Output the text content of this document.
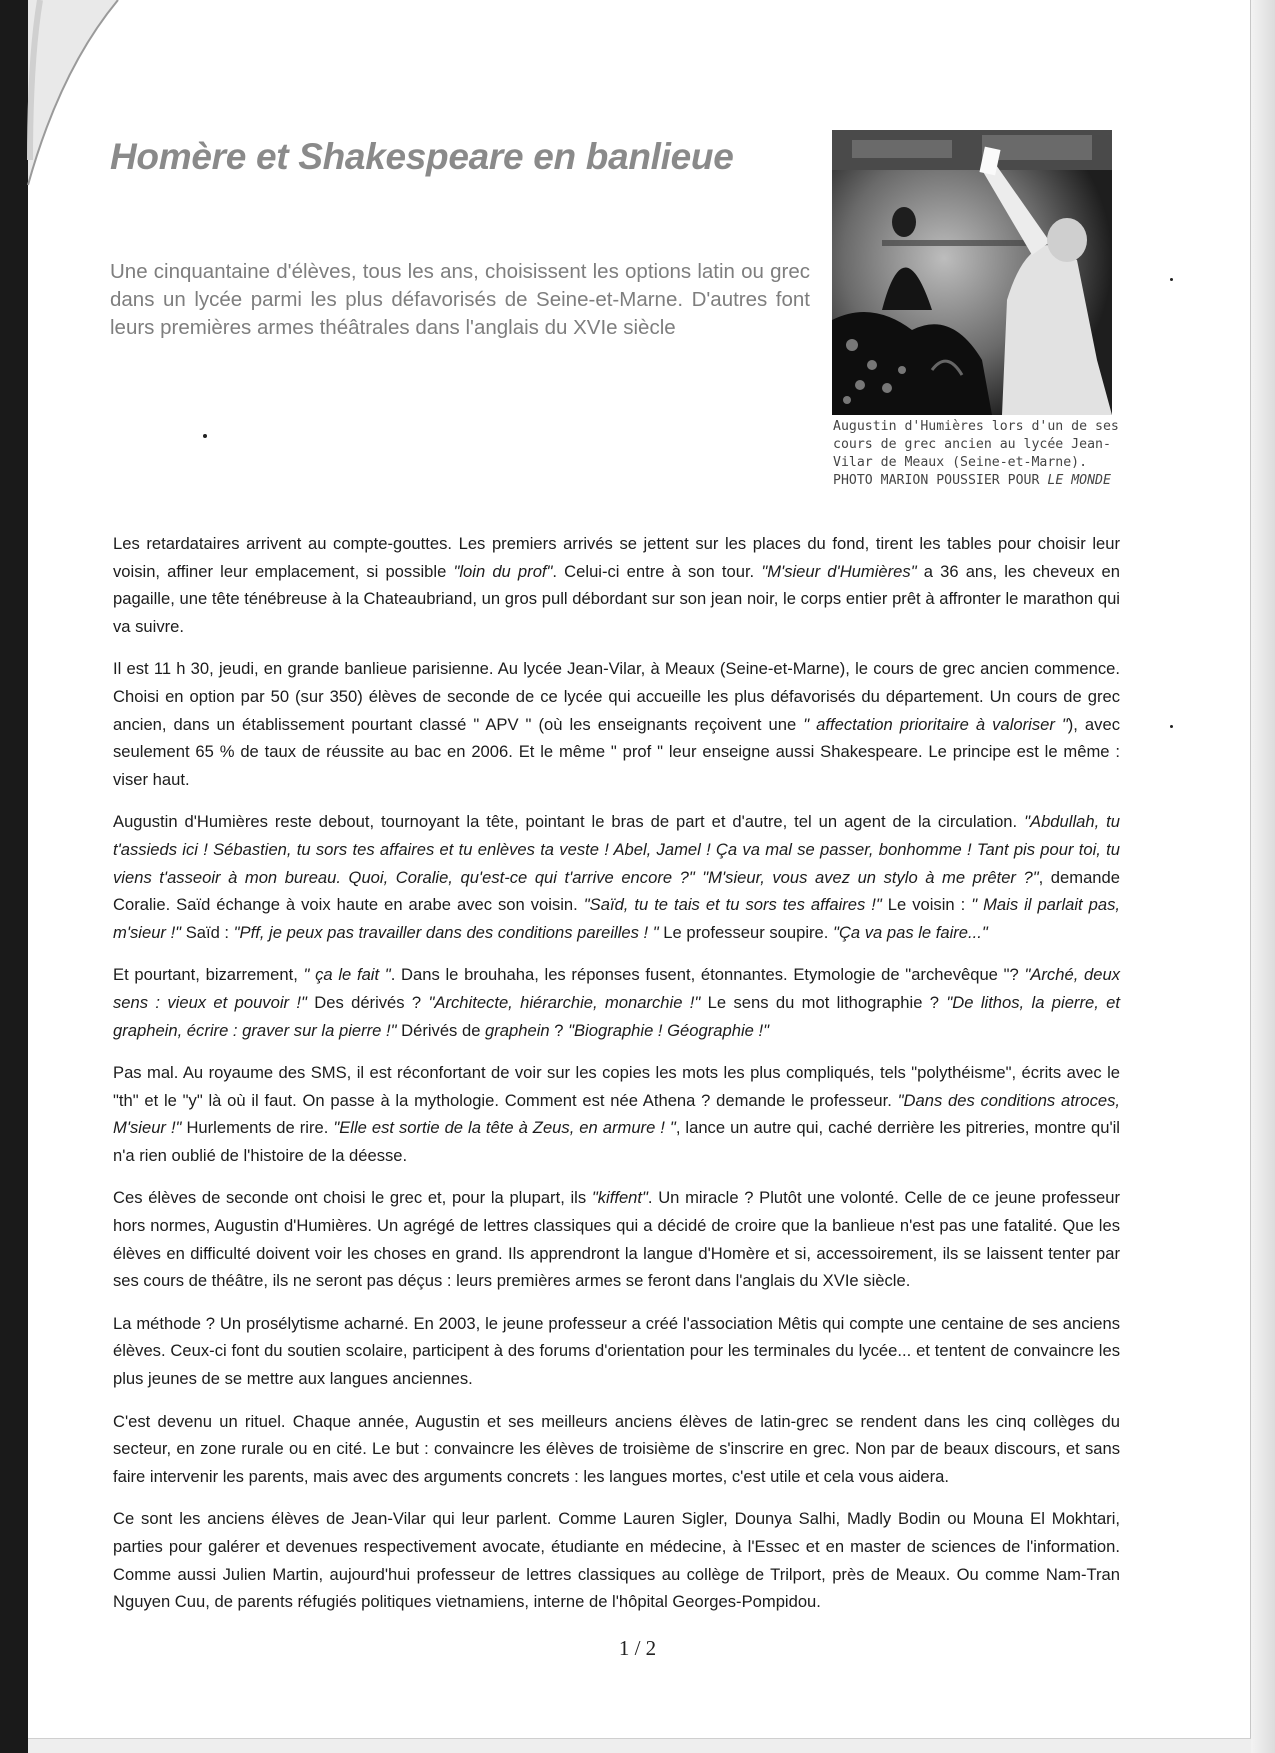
Homère et Shakespeare en banlieue

Une cinquantaine d'élèves, tous les ans, choisissent les options latin ou grec dans un lycée parmi les plus défavorisés de Seine-et-Marne. D'autres font leurs premières armes théâtrales dans l'anglais du XVIe siècle

Augustin d'Humières lors d'un de ses cours de grec ancien au lycée Jean-Vilar de Meaux (Seine-et-Marne). PHOTO MARION POUSSIER POUR LE MONDE

Les retardataires arrivent au compte-gouttes. Les premiers arrivés se jettent sur les places du fond, tirent les tables pour choisir leur voisin, affiner leur emplacement, si possible "loin du prof". Celui-ci entre à son tour. "M'sieur d'Humières" a 36 ans, les cheveux en pagaille, une tête ténébreuse à la Chateaubriand, un gros pull débordant sur son jean noir, le corps entier prêt à affronter le marathon qui va suivre.

Il est 11 h 30, jeudi, en grande banlieue parisienne. Au lycée Jean-Vilar, à Meaux (Seine-et-Marne), le cours de grec ancien commence. Choisi en option par 50 (sur 350) élèves de seconde de ce lycée qui accueille les plus défavorisés du département. Un cours de grec ancien, dans un établissement pourtant classé " APV " (où les enseignants reçoivent une " affectation prioritaire à valoriser "), avec seulement 65 % de taux de réussite au bac en 2006. Et le même " prof " leur enseigne aussi Shakespeare. Le principe est le même : viser haut.

Augustin d'Humières reste debout, tournoyant la tête, pointant le bras de part et d'autre, tel un agent de la circulation. "Abdullah, tu t'assieds ici ! Sébastien, tu sors tes affaires et tu enlèves ta veste ! Abel, Jamel ! Ça va mal se passer, bonhomme ! Tant pis pour toi, tu viens t'asseoir à mon bureau. Quoi, Coralie, qu'est-ce qui t'arrive encore ?" "M'sieur, vous avez un stylo à me prêter ?", demande Coralie. Saïd échange à voix haute en arabe avec son voisin. "Saïd, tu te tais et tu sors tes affaires !" Le voisin : " Mais il parlait pas, m'sieur !" Saïd : "Pff, je peux pas travailler dans des conditions pareilles ! " Le professeur soupire. "Ça va pas le faire..."

Et pourtant, bizarrement, " ça le fait ". Dans le brouhaha, les réponses fusent, étonnantes. Etymologie de "archevêque "? "Arché, deux sens : vieux et pouvoir !" Des dérivés ? "Architecte, hiérarchie, monarchie !" Le sens du mot lithographie ? "De lithos, la pierre, et graphein, écrire : graver sur la pierre !" Dérivés de graphein ? "Biographie ! Géographie !"

Pas mal. Au royaume des SMS, il est réconfortant de voir sur les copies les mots les plus compliqués, tels "polythéisme", écrits avec le "th" et le "y" là où il faut. On passe à la mythologie. Comment est née Athena ? demande le professeur. "Dans des conditions atroces, M'sieur !" Hurlements de rire. "Elle est sortie de la tête à Zeus, en armure ! ", lance un autre qui, caché derrière les pitreries, montre qu'il n'a rien oublié de l'histoire de la déesse.

Ces élèves de seconde ont choisi le grec et, pour la plupart, ils "kiffent". Un miracle ? Plutôt une volonté. Celle de ce jeune professeur hors normes, Augustin d'Humières. Un agrégé de lettres classiques qui a décidé de croire que la banlieue n'est pas une fatalité. Que les élèves en difficulté doivent voir les choses en grand. Ils apprendront la langue d'Homère et si, accessoirement, ils se laissent tenter par ses cours de théâtre, ils ne seront pas déçus : leurs premières armes se feront dans l'anglais du XVIe siècle.

La méthode ? Un prosélytisme acharné. En 2003, le jeune professeur a créé l'association Mêtis qui compte une centaine de ses anciens élèves. Ceux-ci font du soutien scolaire, participent à des forums d'orientation pour les terminales du lycée... et tentent de convaincre les plus jeunes de se mettre aux langues anciennes.

C'est devenu un rituel. Chaque année, Augustin et ses meilleurs anciens élèves de latin-grec se rendent dans les cinq collèges du secteur, en zone rurale ou en cité. Le but : convaincre les élèves de troisième de s'inscrire en grec. Non par de beaux discours, et sans faire intervenir les parents, mais avec des arguments concrets : les langues mortes, c'est utile et cela vous aidera.

Ce sont les anciens élèves de Jean-Vilar qui leur parlent. Comme Lauren Sigler, Dounya Salhi, Madly Bodin ou Mouna El Mokhtari, parties pour galérer et devenues respectivement avocate, étudiante en médecine, à l'Essec et en master de sciences de l'information. Comme aussi Julien Martin, aujourd'hui professeur de lettres classiques au collège de Trilport, près de Meaux. Ou comme Nam-Tran Nguyen Cuu, de parents réfugiés politiques vietnamiens, interne de l'hôpital Georges-Pompidou.

1 / 2
